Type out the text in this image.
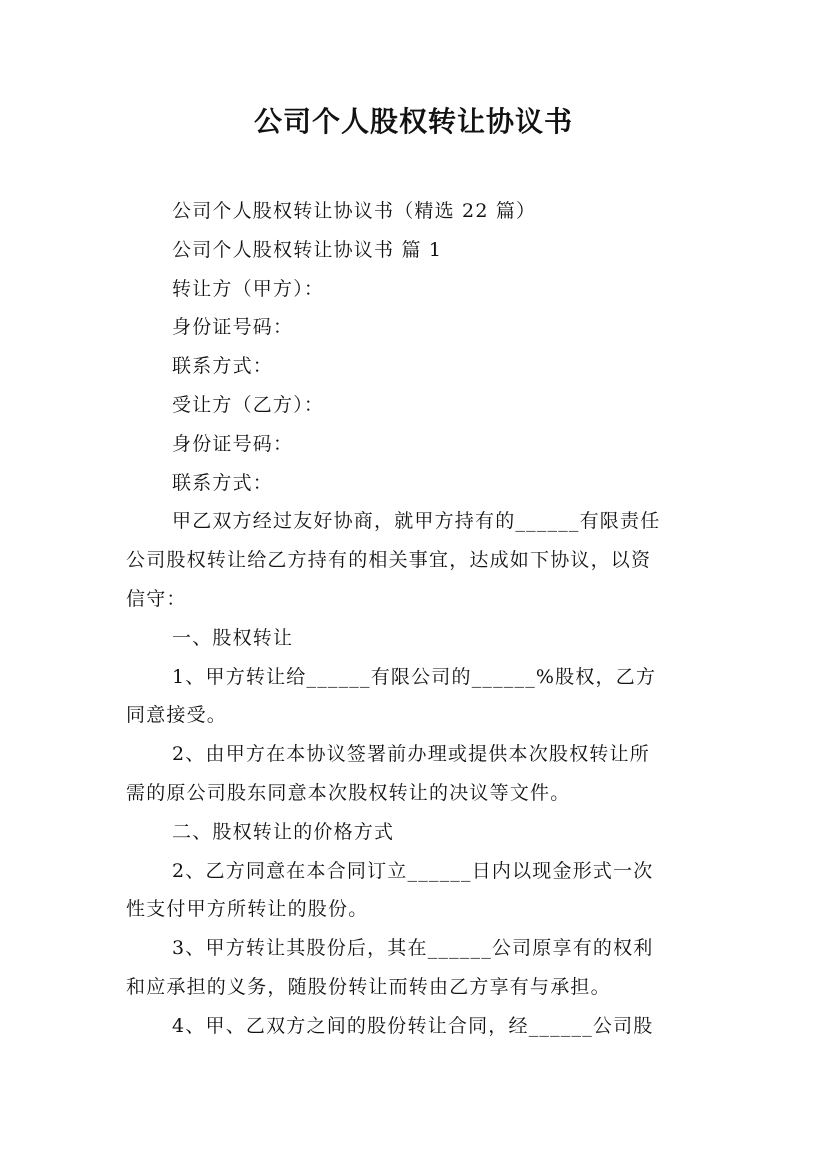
公司个人股权转让协议书
公司个人股权转让协议书（精选 22 篇）
公司个人股权转让协议书 篇 1
转让方（甲方）：
身份证号码：
联系方式：
受让方（乙方）：
身份证号码：
联系方式：
甲乙双方经过友好协商，就甲方持有的______有限责任
公司股权转让给乙方持有的相关事宜，达成如下协议，以资
信守：
一、股权转让
1、甲方转让给______有限公司的______%股权，乙方
同意接受。
2、由甲方在本协议签署前办理或提供本次股权转让所
需的原公司股东同意本次股权转让的决议等文件。
二、股权转让的价格方式
2、乙方同意在本合同订立______日内以现金形式一次
性支付甲方所转让的股份。
3、甲方转让其股份后，其在______公司原享有的权利
和应承担的义务，随股份转让而转由乙方享有与承担。
4、甲、乙双方之间的股份转让合同，经______公司股
